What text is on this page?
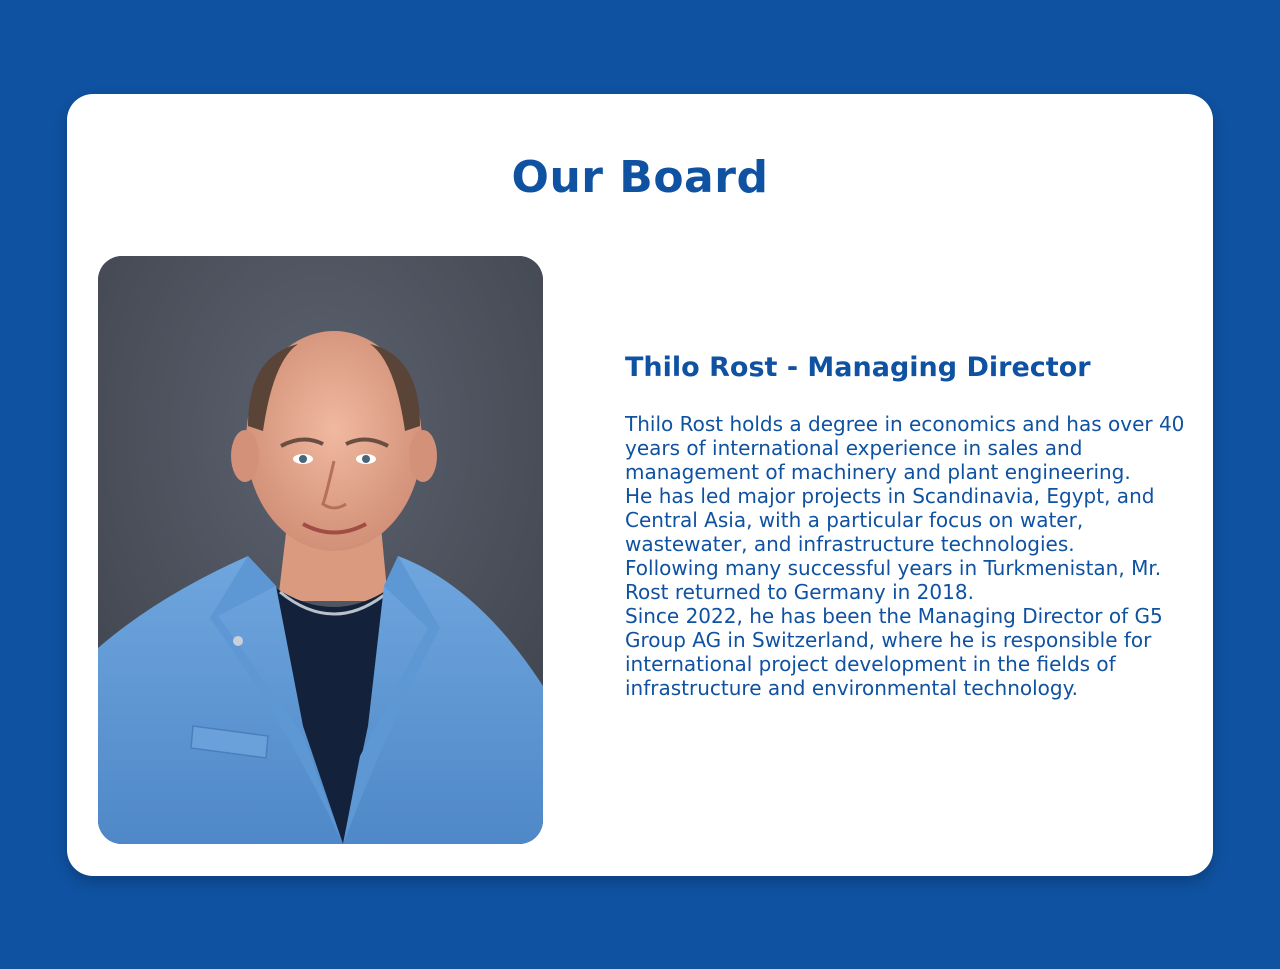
Our Board
Thilo Rost - Managing Director

Thilo Rost holds a degree in economics and has over 40 years of international experience in sales and management of machinery and plant engineering.

He has led major projects in Scandinavia, Egypt, and Central Asia, with a particular focus on water, wastewater, and infrastructure technologies.

Following many successful years in Turkmenistan, Mr. Rost returned to Germany in 2018.

Since 2022, he has been the Managing Director of G5 Group AG in Switzerland, where he is responsible for international project development in the fields of infrastructure and environmental technology.
